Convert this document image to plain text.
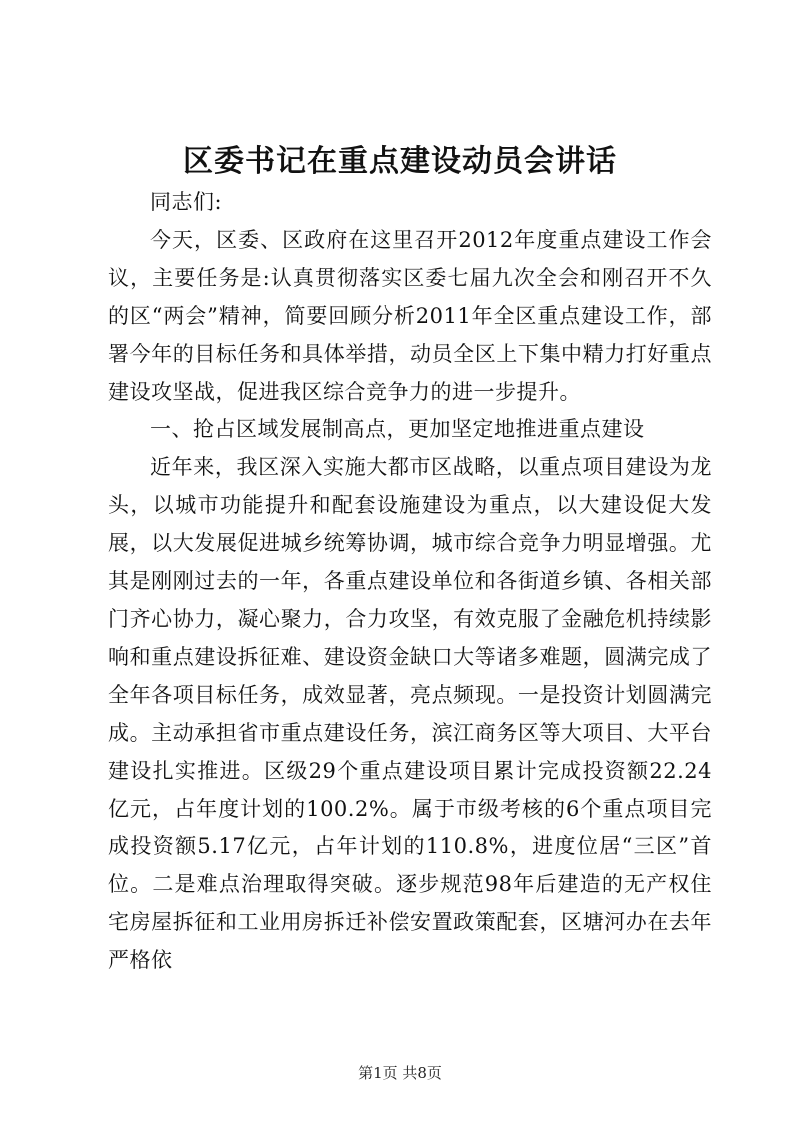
区委书记在重点建设动员会讲话

同志们:

今天，区委、区政府在这里召开2012年度重点建设工作会议，主要任务是:认真贯彻落实区委七届九次全会和刚召开不久的区“两会”精神，简要回顾分析2011年全区重点建设工作，部署今年的目标任务和具体举措，动员全区上下集中精力打好重点建设攻坚战，促进我区综合竞争力的进一步提升。

一、抢占区域发展制高点，更加坚定地推进重点建设

近年来，我区深入实施大都市区战略，以重点项目建设为龙头，以城市功能提升和配套设施建设为重点，以大建设促大发展，以大发展促进城乡统筹协调，城市综合竞争力明显增强。尤其是刚刚过去的一年，各重点建设单位和各街道乡镇、各相关部门齐心协力，凝心聚力，合力攻坚，有效克服了金融危机持续影响和重点建设拆征难、建设资金缺口大等诸多难题，圆满完成了全年各项目标任务，成效显著，亮点频现。一是投资计划圆满完成。主动承担省市重点建设任务，滨江商务区等大项目、大平台建设扎实推进。区级29个重点建设项目累计完成投资额22.24亿元，占年度计划的100.2%。属于市级考核的6个重点项目完成投资额5.17亿元，占年计划的110.8%，进度位居“三区”首位。二是难点治理取得突破。逐步规范98年后建造的无产权住宅房屋拆征和工业用房拆迁补偿安置政策配套，区塘河办在去年严格依

第1页 共8页
